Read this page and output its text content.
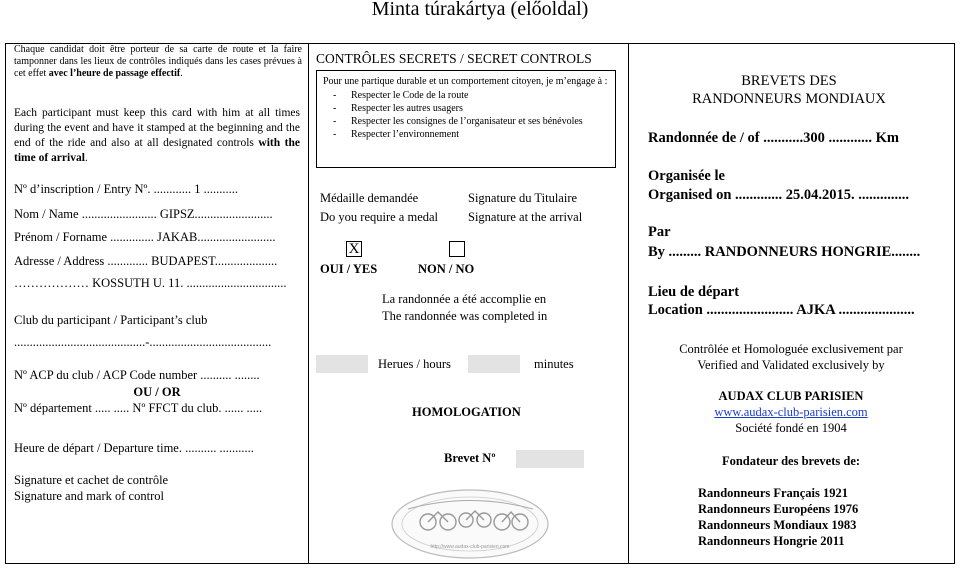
Minta túrakártya (előoldal)
Chaque candidat doit être porteur de sa carte de route et la faire tamponner dans les lieux de contrôles indiqués dans les cases prévues à cet effet avec l’heure de passage effectif.
Each participant must keep this card with him at all times during the event and have it stamped at the beginning and the end of the ride and also at all designated controls with the time of arrival.
Nº d’inscription / Entry Nº. ............ 1 ...........
Nom / Name ........................ GIPSZ.........................
Prénom / Forname .............. JAKAB.........................
Adresse / Address ............. BUDAPEST....................
……………… KOSSUTH U. 11. ................................
Club du participant / Participant’s club
..........................................-.......................................
Nº ACP du club / ACP Code number .......... ........
OU / OR
Nº département ..... ..... Nº FFCT du club. ...... .....
Heure de départ / Departure time. .......... ...........
Signature et cachet de contrôle
Signature and mark of control
CONTRÔLES SECRETS / SECRET CONTROLS
Pour une partique durable et un comportement citoyen, je m’engage à :
- Respecter le Code de la route
- Respecter les autres usagers
- Respecter les consignes de l’organisateur et ses bénévoles
- Respecter l’environnement
Médaille demandée
Do you require a medal
Signature du Titulaire
Signature at the arrival
X
OUI / YES	NON / NO
La randonnée a été accomplie en
The randonnée was completed in
Herues / hours	minutes
HOMOLOGATION
Brevet Nº
http://www.audax-club-parisien.com
BREVETS DES
RANDONNEURS MONDIAUX
Randonnée de / of ...........300 ............ Km
Organisée le
Organised on ............. 25.04.2015. ..............
Par
By ......... RANDONNEURS HONGRIE........
Lieu de départ
Location ........................ AJKA .....................
Contrôlée et Homologuée exclusivement par
Verified and Validated exclusively by
AUDAX CLUB PARISIEN
www.audax-club-parisien.com
Société fondé en 1904
Fondateur des brevets de:
Randonneurs Français 1921
Randonneurs Européens 1976
Randonneurs Mondiaux 1983
Randonneurs Hongrie 2011
